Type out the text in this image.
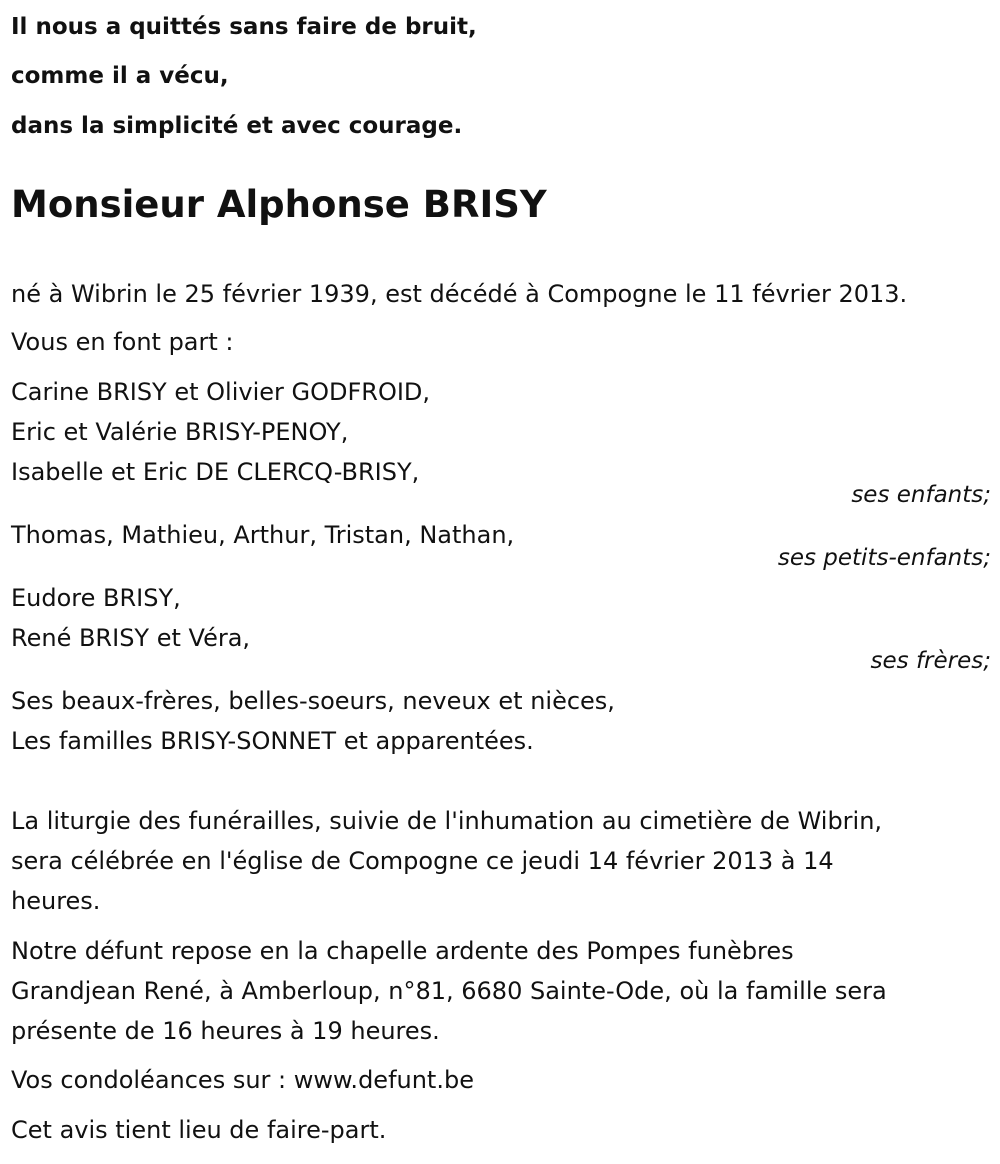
Il nous a quittés sans faire de bruit,
comme il a vécu,
dans la simplicité et avec courage.
Monsieur Alphonse BRISY
né à Wibrin le 25 février 1939, est décédé à Compogne le 11 février 2013.
Vous en font part :
Carine BRISY et Olivier GODFROID,
Eric et Valérie BRISY-PENOY,
Isabelle et Eric DE CLERCQ-BRISY,
ses enfants;
Thomas, Mathieu, Arthur, Tristan, Nathan,
ses petits-enfants;
Eudore BRISY,
René BRISY et Véra,
ses frères;
Ses beaux-frères, belles-soeurs, neveux et nièces,
Les familles BRISY-SONNET et apparentées.
La liturgie des funérailles, suivie de l'inhumation au cimetière de Wibrin,
sera célébrée en l'église de Compogne ce jeudi 14 février 2013 à 14
heures.
Notre défunt repose en la chapelle ardente des Pompes funèbres
Grandjean René, à Amberloup, n°81, 6680 Sainte-Ode, où la famille sera
présente de 16 heures à 19 heures.
Vos condoléances sur : www.defunt.be
Cet avis tient lieu de faire-part.
